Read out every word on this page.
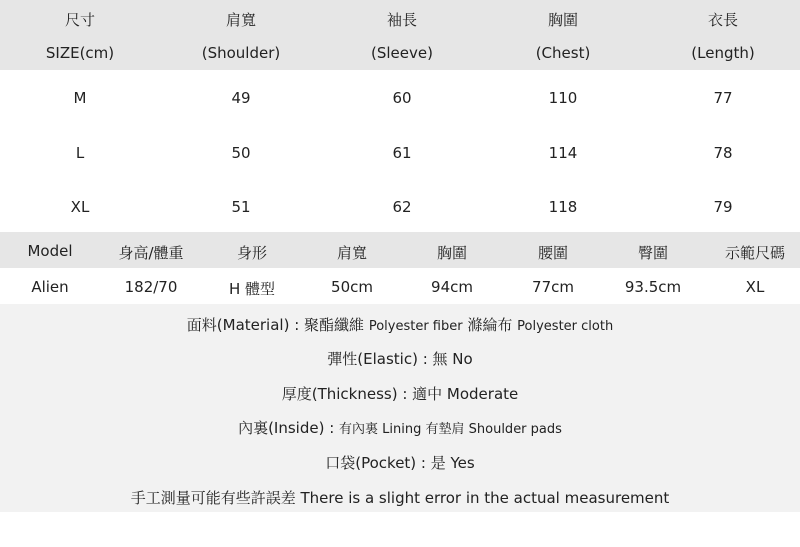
尺寸	肩寬	袖長	胸圍	衣長
SIZE(cm)	(Shoulder)	(Sleeve)	(Chest)	(Length)
M	49	60	110	77
L	50	61	114	78
XL	51	62	118	79
Model	身高/體重	身形	肩寬	胸圍	腰圍	臀圍	示範尺碼
Alien	182/70	H 體型	50cm	94cm	77cm	93.5cm	XL
面料(Material) : 聚酯纖維 Polyester fiber 滌綸布 Polyester cloth
彈性(Elastic) : 無 No
厚度(Thickness) : 適中 Moderate
內裏(Inside) : 有內裏 Lining 有墊肩 Shoulder pads
口袋(Pocket) : 是 Yes
手工測量可能有些許誤差 There is a slight error in the actual measurement
